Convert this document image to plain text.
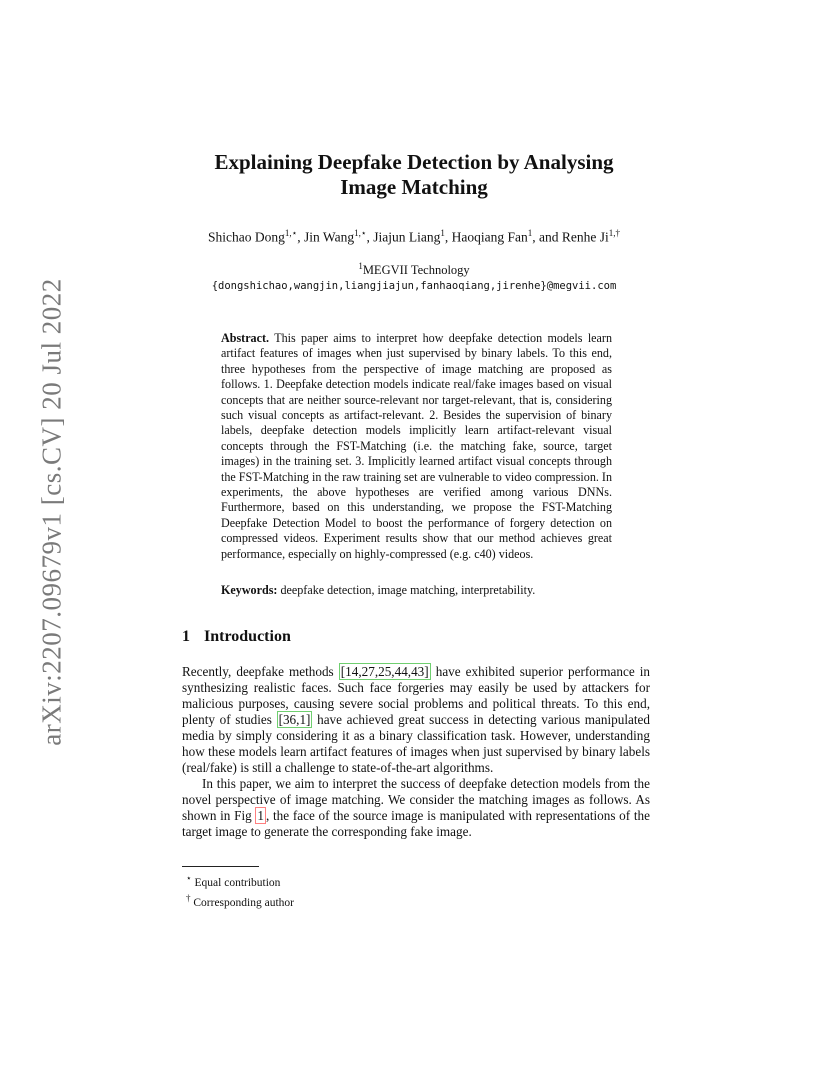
arXiv:2207.09679v1 [cs.CV] 20 Jul 2022
Explaining Deepfake Detection by Analysing
Image Matching
Shichao Dong$^{1,⋆}$, Jin Wang$^{1,⋆}$, Jiajun Liang$^1$, Haoqiang Fan$^1$, and Renhe $Ji^{1,\dagger}$
$^1$MEGVII Technology
{dongshichao,wangjin,liangjiajun,fanhaoqiang,jirenhe}@megvii.com
Abstract. This paper aims to interpret how deepfake detection models learn artifact features of images when just supervised by binary labels. To this end, three hypotheses from the perspective of image matching are proposed as follows. 1. Deepfake detection models indicate real/fake images based on visual concepts that are neither source-relevant nor target-relevant, that is, considering such visual concepts as artifact-relevant. 2. Besides the supervision of binary labels, deepfake detection models implicitly learn artifact-relevant visual concepts through the FST-Matching (i.e. the matching fake, source, target images) in the training set. 3. Implicitly learned artifact visual concepts through the FST-Matching in the raw training set are vulnerable to video compression. In experiments, the above hypotheses are verified among various DNNs. Furthermore, based on this understanding, we propose the FST-Matching Deepfake Detection Model to boost the performance of forgery detection on compressed videos. Experiment results show that our method achieves great performance, especially on highly-compressed (e.g. c40) videos.
Keywords: deepfake detection, image matching, interpretability.
1 Introduction

Recently, deepfake methods [14,27,25,44,43] have exhibited superior performance in synthesizing realistic faces. Such face forgeries may easily be used by attackers for malicious purposes, causing severe social problems and political threats. To this end, plenty of studies [36,1] have achieved great success in detecting various manipulated media by simply considering it as a binary classification task. However, understanding how these models learn artifact features of images when just supervised by binary labels (real/fake) is still a challenge to state-of-the-art algorithms.

In this paper, we aim to interpret the success of deepfake detection models from the novel perspective of image matching. We consider the matching images as follows. As shown in Fig 1 , the face of the source image is manipulated with representations of the target image to generate the corresponding fake image.

⋆ Equal contribution
† Corresponding author
